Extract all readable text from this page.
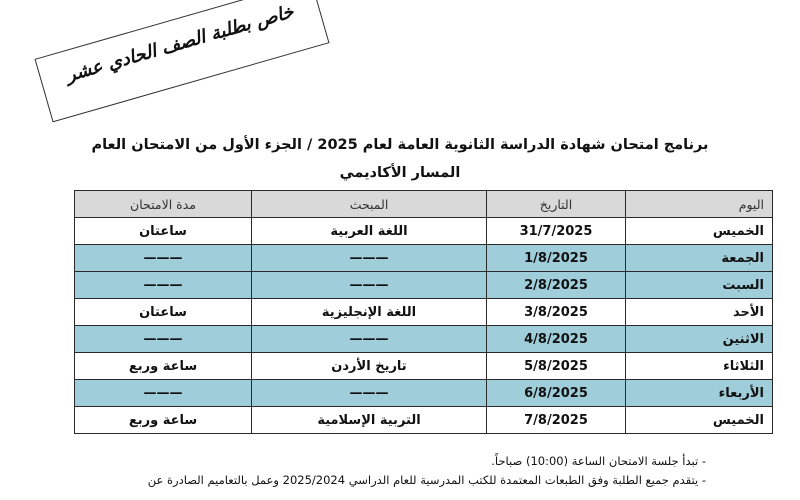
خاص بطلبة الصف الحادي عشر
برنامج امتحان شهادة الدراسة الثانوية العامة لعام 2025 / الجزء الأول من الامتحان العام
المسار الأكاديمي
اليوم	التاريخ	المبحث	مدة الامتحان
الخميس	31/7/2025	اللغة العربية	ساعتان
الجمعة	1/8/2025	———	———
السبت	2/8/2025	———	———
الأحد	3/8/2025	اللغة الإنجليزية	ساعتان
الاثنين	4/8/2025	———	———
الثلاثاء	5/8/2025	تاريخ الأردن	ساعة وربع
الأربعاء	6/8/2025	———	———
الخميس	7/8/2025	التربية الإسلامية	ساعة وربع
- تبدأ جلسة الامتحان الساعة (10:00) صباحاً.
- يتقدم جميع الطلبة وفق الطبعات المعتمدة للكتب المدرسية للعام الدراسي 2025/2024 وعمل بالتعاميم الصادرة عن
